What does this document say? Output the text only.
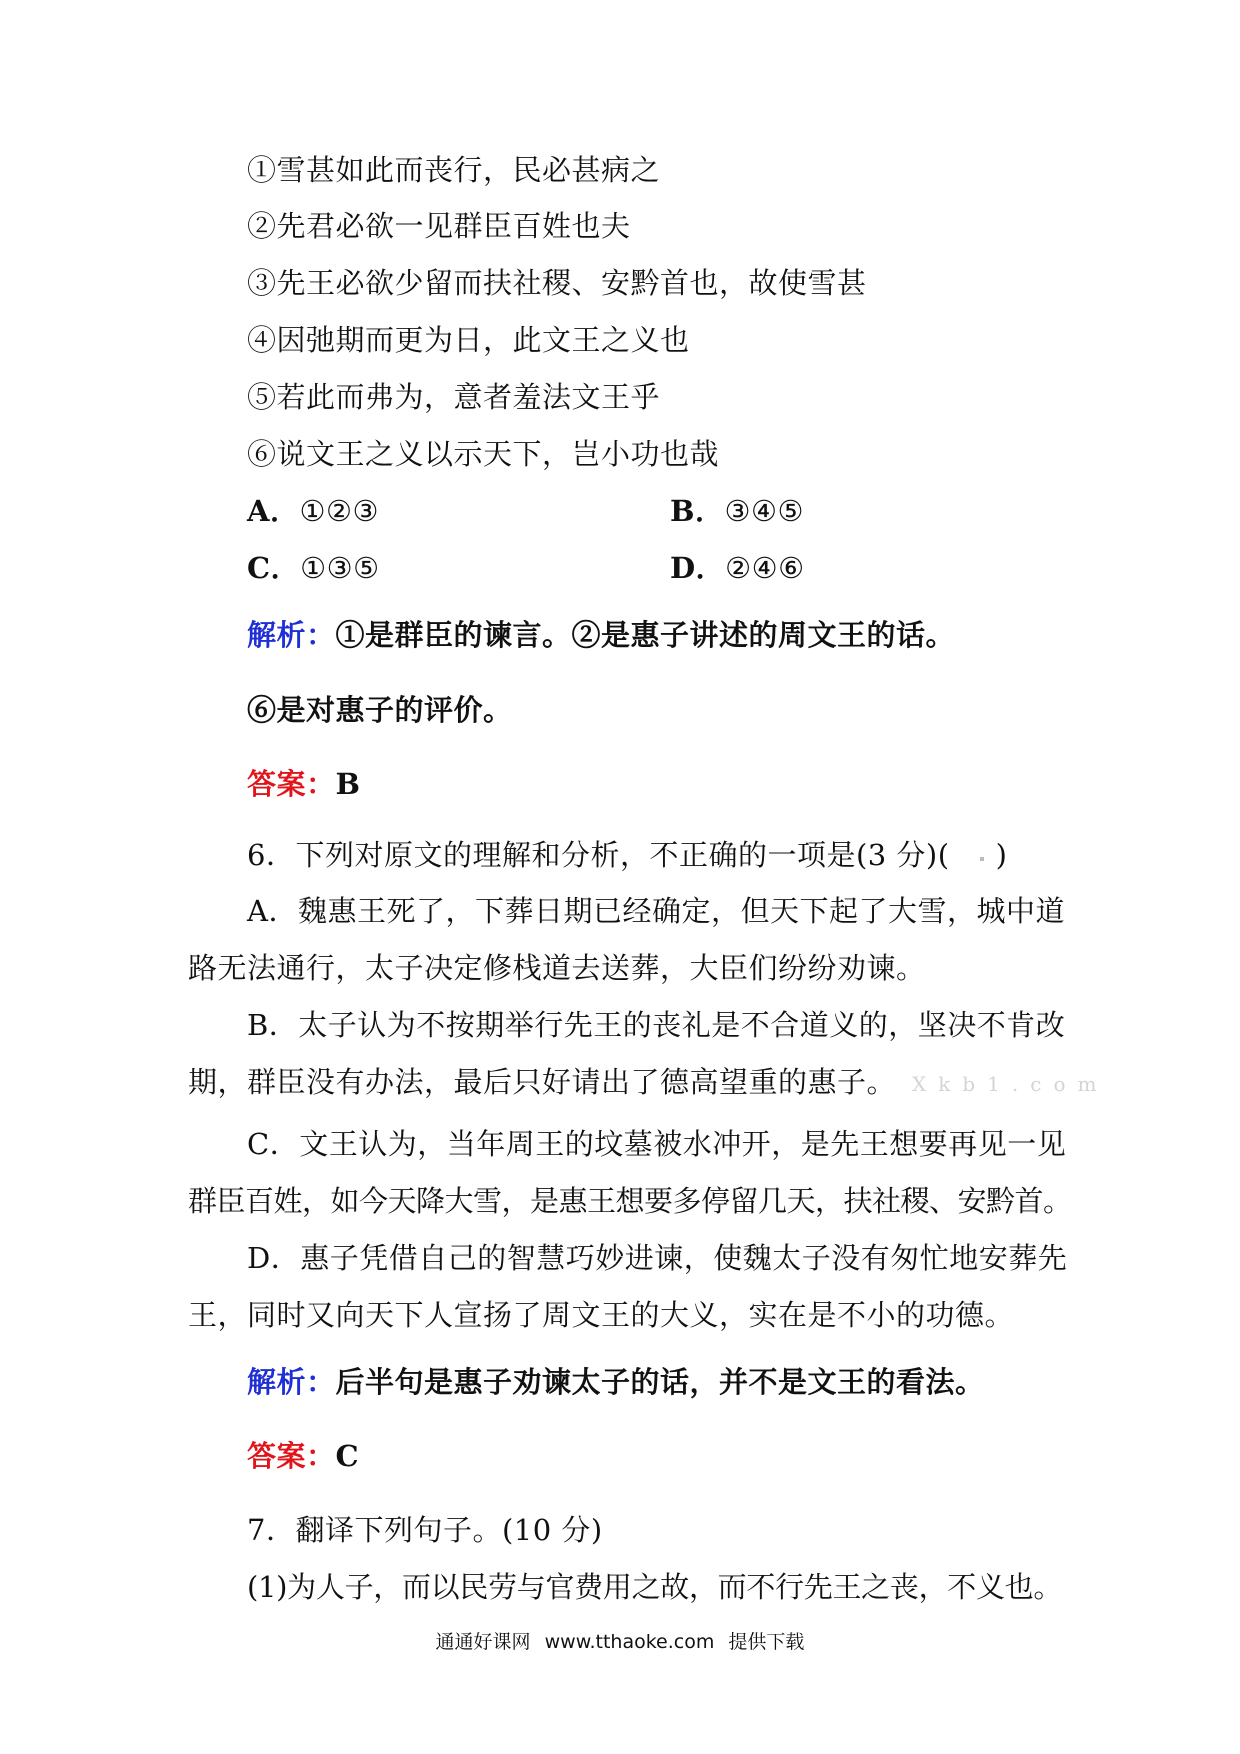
①雪甚如此而丧行，民必甚病之
②先君必欲一见群臣百姓也夫
③先王必欲少留而扶社稷、安黔首也，故使雪甚
④因弛期而更为日，此文王之义也
⑤若此而弗为，意者羞法文王乎
⑥说文王之义以示天下，岂小功也哉
A．①②③	B．③④⑤
C．①③⑤	D．②④⑥
解析：①是群臣的谏言。②是惠子讲述的周文王的话。
⑥是对惠子的评价。
答案：B
6．下列对原文的理解和分析，不正确的一项是(3 分)( )
A．魏惠王死了，下葬日期已经确定，但天下起了大雪，城中道
路无法通行，太子决定修栈道去送葬，大臣们纷纷劝谏。
B．太子认为不按期举行先王的丧礼是不合道义的，坚决不肯改
期，群臣没有办法，最后只好请出了德高望重的惠子。 Xkb1.com
C．文王认为，当年周王的坟墓被水冲开，是先王想要再见一见
群臣百姓，如今天降大雪，是惠王想要多停留几天，扶社稷、安黔首。
D．惠子凭借自己的智慧巧妙进谏，使魏太子没有匆忙地安葬先
王，同时又向天下人宣扬了周文王的大义，实在是不小的功德。
解析：后半句是惠子劝谏太子的话，并不是文王的看法。
答案：C
7．翻译下列句子。(10 分)
(1)为人子，而以民劳与官费用之故，而不行先王之丧，不义也。
通通好课网 www.tthaoke.com 提供下载
